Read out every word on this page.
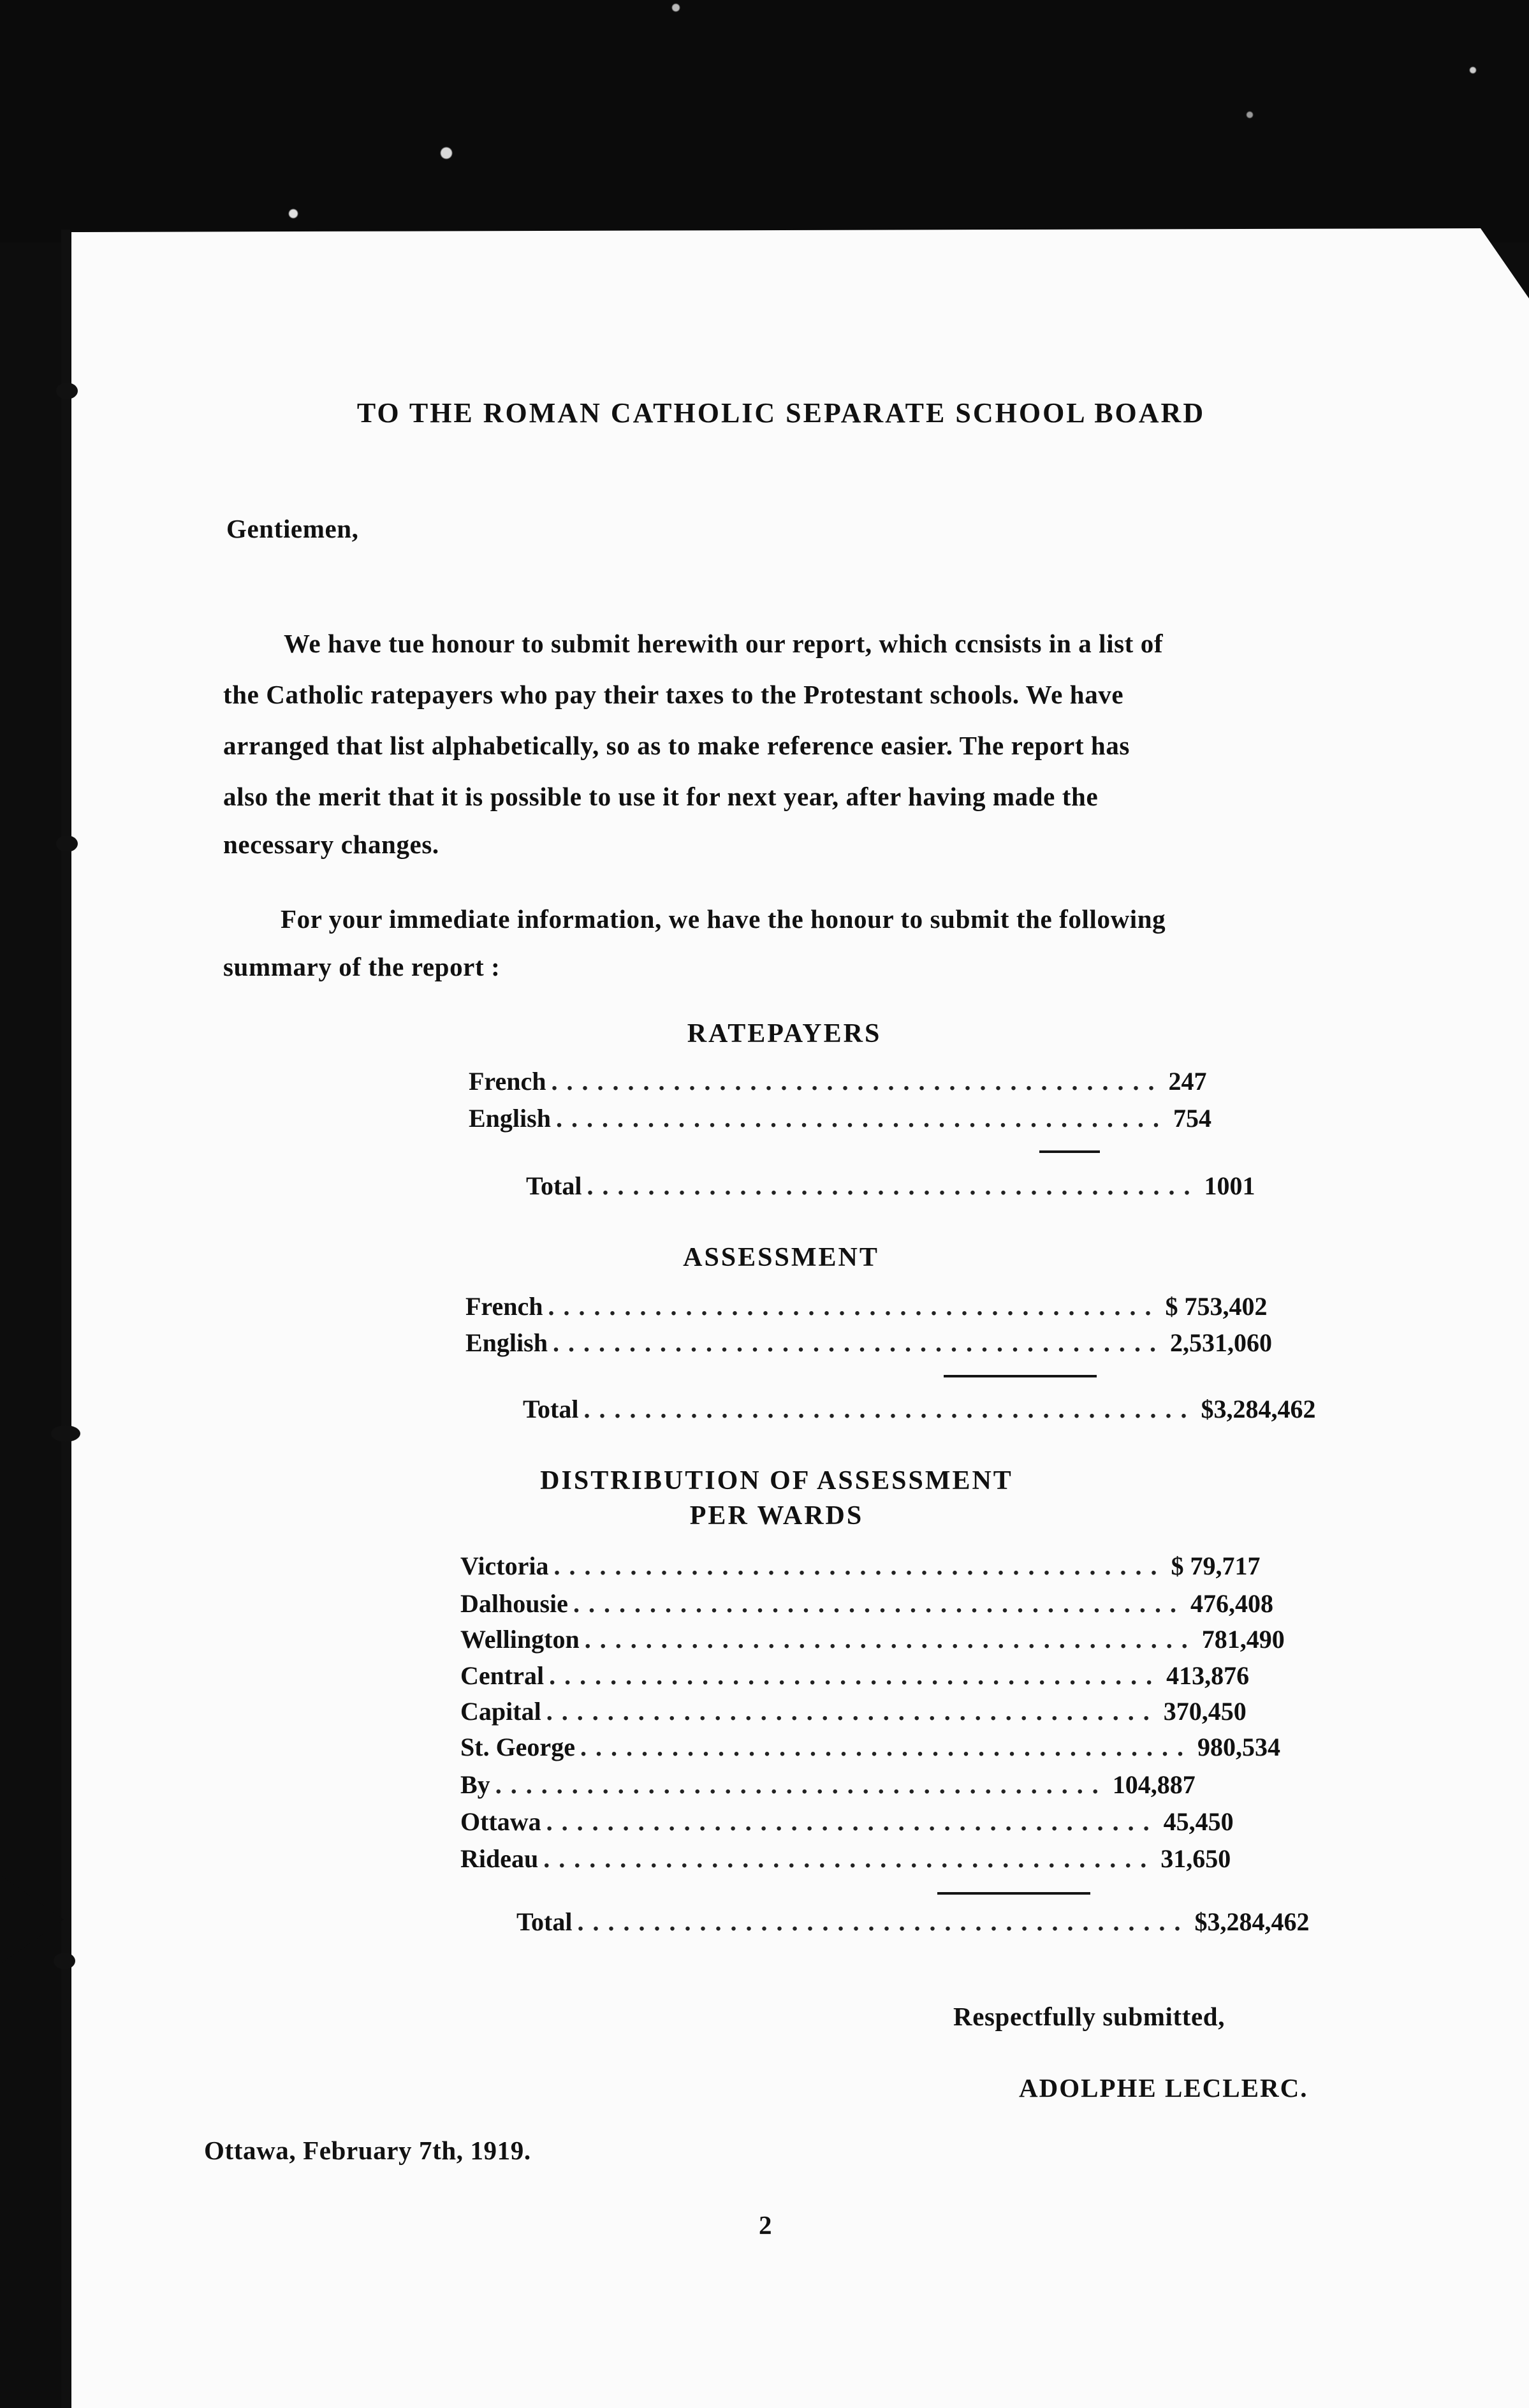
TO THE ROMAN CATHOLIC SEPARATE SCHOOL BOARD
Gentiemen,
We have tue honour to submit herewith our report, which ccnsists in a list of
the Catholic ratepayers who pay their taxes to the Protestant schools. We have
arranged that list alphabetically, so as to make reference easier. The report has
also the merit that it is possible to use it for next year, after having made the
necessary changes.
For your immediate information, we have the honour to submit the following
summary of the report :
RATEPAYERS
French ........................................ 247
English ........................................ 754
Total ........................................ 1001
ASSESSMENT
French ........................................ $ 753,402
English ........................................ 2,531,060
Total ........................................ $3,284,462
DISTRIBUTION OF ASSESSMENT
PER WARDS
Victoria ........................................ $ 79,717
Dalhousie ........................................ 476,408
Wellington ........................................ 781,490
Central ........................................ 413,876
Capital ........................................ 370,450
St. George ........................................ 980,534
By ........................................ 104,887
Ottawa ........................................ 45,450
Rideau ........................................ 31,650
Total ........................................ $3,284,462
Respectfully submitted,
ADOLPHE LECLERC.
Ottawa, February 7th, 1919.
2
